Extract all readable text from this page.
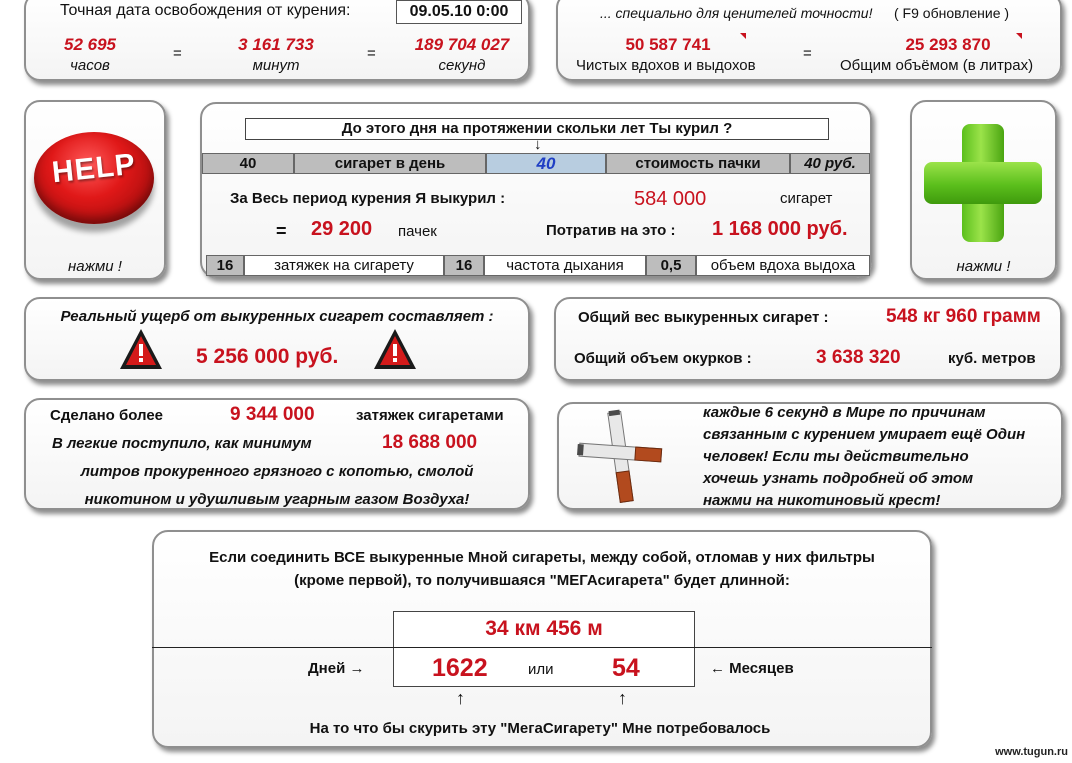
Точная дата освобождения от курения:	09.05.10 0:00
52 695
часов
=	3 161 733
минут
=	189 704 027
секунд
... специально для ценителей точности! ( F9 обновление )
50 587 741
Чистых вдохов и выдохов
=	25 293 870
Общим объёмом (в литрах)
HELP
нажми !	нажми !
До этого дня на протяжении скольки лет Ты курил ?
↓
40	сигарет в день	40	стоимость пачки	40 руб.
За Весь период курения Я выкурил :	584 000	сигарет
= 29 200 пачек	Потратив на это : 1 168 000 руб.
16	затяжек на сигарету	16	частота дыхания	0,5	объем вдоха выдоха
Реальный ущерб от выкуренных сигарет составляет :
5 256 000 руб.
Общий вес выкуренных сигарет :	548 кг 960 грамм
Общий объем окурков :	3 638 320	куб. метров
Сделано более	9 344 000	затяжек сигаретами
В легкие поступило, как минимум	18 688 000
литров прокуренного грязного с копотью, смолой
никотином и удушливым угарным газом Воздуха!
каждые 6 секунд в Мире по причинам
связанным с курением умирает ещё Один
человек! Если ты действительно
хочешь узнать подробней об этом
нажми на никотиновый крест!
Если соединить ВСЕ выкуренные Мной сигареты, между собой, отломав у них фильтры
(кроме первой), то получившаяся "МЕГАсигарета" будет длинной:
34 км 456 м
Дней →	1622	или 54	← Месяцев
↑	↑
На то что бы скурить эту "МегаСигарету" Мне потребовалось
www.tugun.ru
